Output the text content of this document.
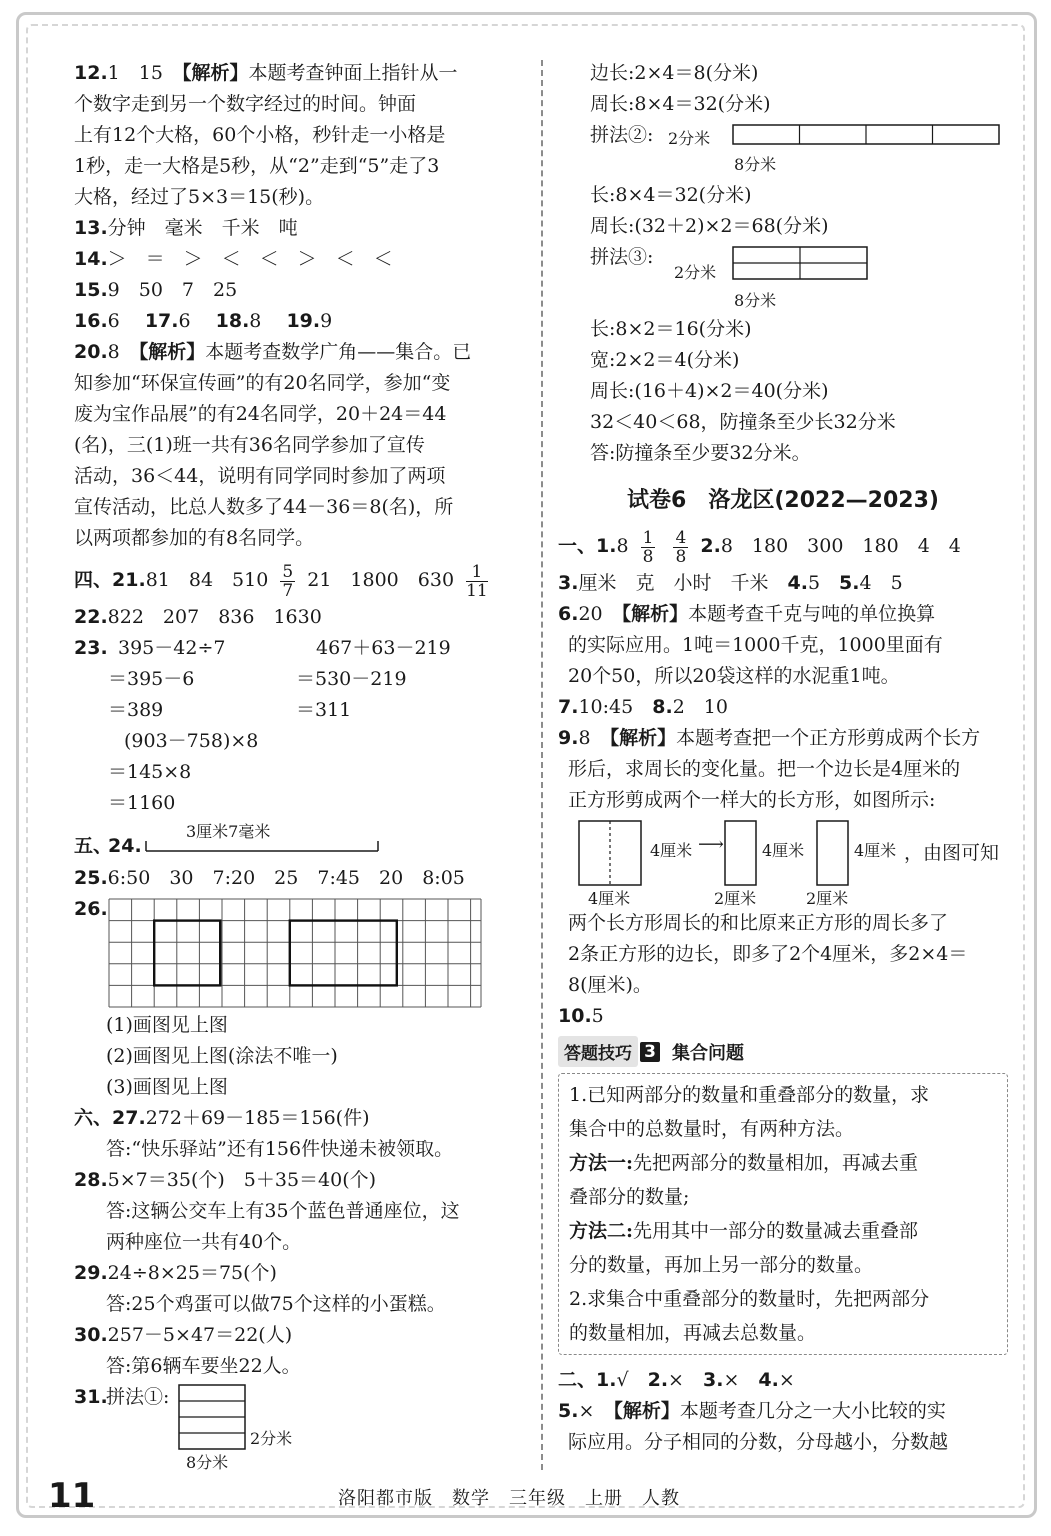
12.1　15　 【解析】本题考查钟面上指针从一
个数字走到另一个数字经过的时间。钟面
上有12个大格，60个小格，秒针走一小格是
1秒，走一大格是5秒，从“2”走到“5”走了3
大格，经过了5×3＝15(秒)。
13.分钟　毫米　千米　吨
14.＞　＝　＞　＜　＜　＞　＜　＜
15.9　50　7　25
16.6　 17.6　 18.8　 19.9
20.8　 【解析】本题考查数学广角——集合。已
知参加“环保宣传画”的有20名同学，参加“变
废为宝作品展”的有24名同学，20＋24＝44
(名)，三(1)班一共有36名同学参加了宣传
活动，36＜44，说明有同学同时参加了两项
宣传活动，比总人数多了44－36＝8(名)，所
以两项都参加的有8名同学。
四、21.81　84　$510 \frac{5}{7} 21$　1800　$630 \frac{1}{11}$
22.822　207　836　1630
23. 395－42÷7
＝395－6
＝389
467＋63－219
＝530－219
＝311
(903－758)×8
＝145×8
＝1160
五、
24.
3厘米7毫米
25.6:50　30　7:20　25　7:45　20　8:05
26.
(1)画图见上图
(2)画图见上图(涂法不唯一)
(3)画图见上图
六、27.272＋69－185＝156(件)
答:“快乐驿站”还有156件快递未被领取。
28.5×7＝35(个)　5＋35＝40(个)
答:这辆公交车上有35个蓝色普通座位，这
两种座位一共有40个。
29.24÷8×25＝75(个)
答:25个鸡蛋可以做75个这样的小蛋糕。
30.257－5×47＝22(人)
答:第6辆车要坐22人。
31.
拼法①:
2分米
8分米
边长:2×4＝8(分米)
周长:8×4＝32(分米)
拼法②: 2分米
8分米
长:8×4＝32(分米)
周长:(32＋2)×2＝68(分米)
拼法③:
2分米
8分米
长:8×2＝16(分米)
宽:2×2＝4(分米)
周长:(16＋4)×2＝40(分米)
32＜40＜68，防撞条至少长32分米
答:防撞条至少要32分米。
试卷6　洛龙区(2022—2023)
一、$1.8 \frac{1}{8}$
$\frac{4}{8} 2.8$　180　300　180　4　4
3.厘米　克　小时　千米　 4.5　 5.4　5
6.20　 【解析】本题考查千克与吨的单位换算
的实际应用。1吨＝1000千克，1000里面有
20个50，所以20袋这样的水泥重1吨。
7.10:45　 8.2　10
9.8　 【解析】本题考查把一个正方形剪成两个长方
形后，求周长的变化量。把一个边长是4厘米的
正方形剪成两个一样大的长方形，如图所示:
4厘米 ⟶ 4厘米	4厘米 ，由图可知
4厘米	2厘米	2厘米
两个长方形周长的和比原来正方形的周长多了
2条正方形的边长，即多了2个4厘米，多2×4＝
8(厘米)。
10.5
答题技巧 3 集合问题
1.已知两部分的数量和重叠部分的数量，求
集合中的总数量时，有两种方法。
方法一:先把两部分的数量相加，再减去重
叠部分的数量;
方法二:先用其中一部分的数量减去重叠部
分的数量，再加上另一部分的数量。
2.求集合中重叠部分的数量时，先把两部分
的数量相加，再减去总数量。
二、1.√　 2.×　 3.×　 4.×
5.×　 【解析】本题考查几分之一大小比较的实
际应用。分子相同的分数，分母越小，分数越
11	洛阳都市版　数学　三年级　上册　人教
